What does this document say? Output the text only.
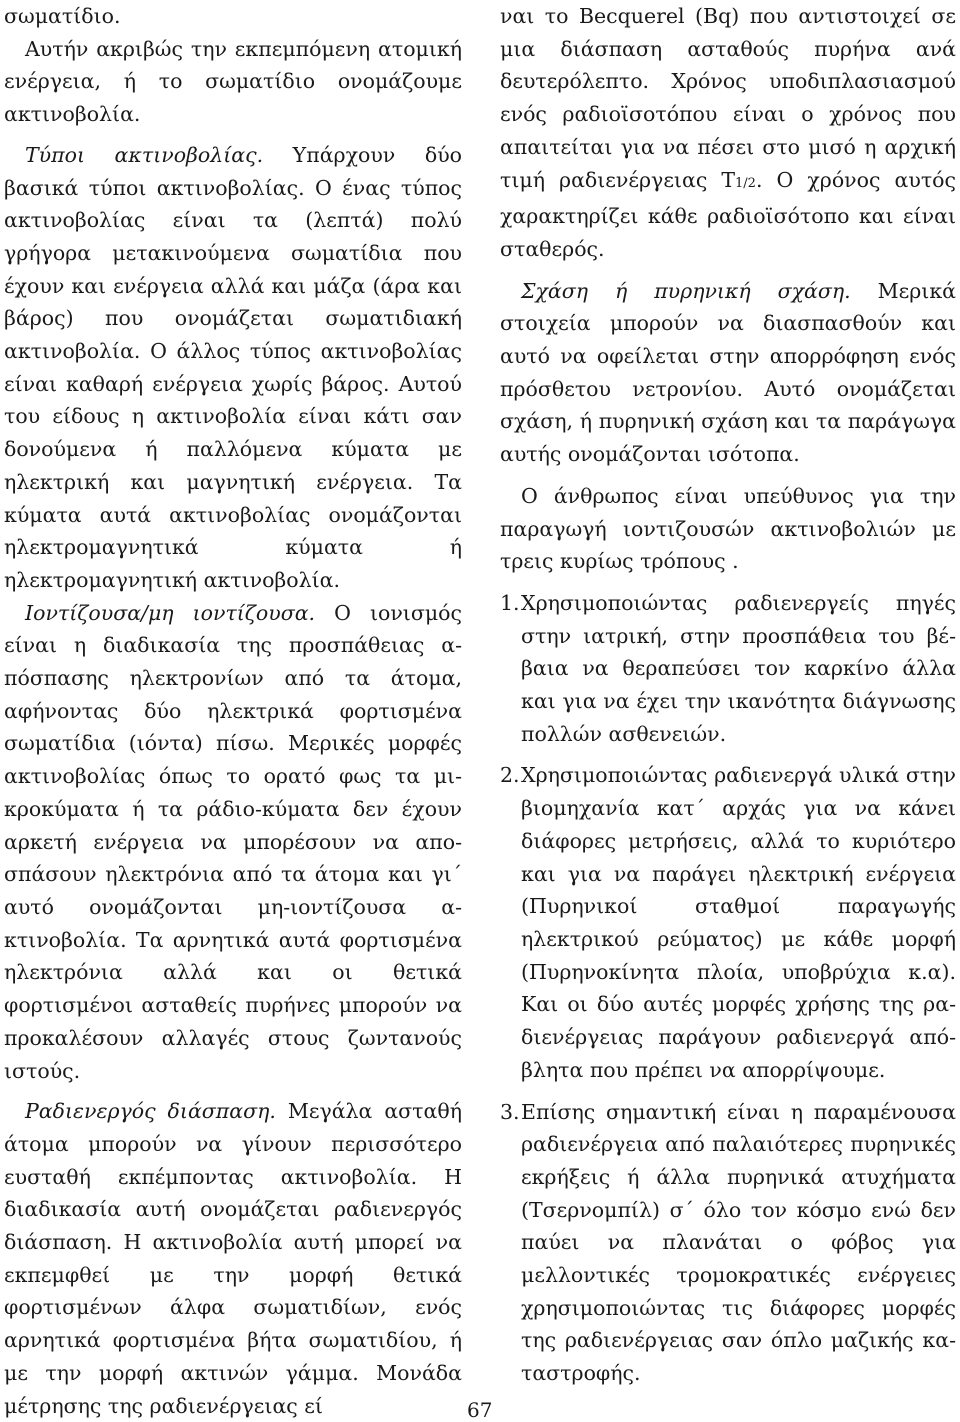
σωματίδιο.

Αυτήν ακριβώς την εκπεμπόμενη ατομική ενέργεια, ή το σωματίδιο ονομάζουμε ακτινοβολία.

Τύποι ακτινοβολίας. Υπάρχουν δύο βασικά τύποι ακτινοβολίας. Ο ένας τύπος ακτινοβολίας είναι τα (λεπτά) πολύ γρήγορα μετακινούμενα σωματίδια που έχουν και ενέργεια αλλά και μάζα (άρα και βάρος) που ονομάζεται σωματιδιακή ακτινοβολία. Ο άλλος τύπος ακτινοβολίας είναι καθαρή ενέργεια χωρίς βάρος. Αυτού του είδους η ακτινοβολία είναι κάτι σαν δονούμενα ή παλλόμενα κύματα με ηλεκτρική και μαγνητική ενέργεια. Τα κύματα αυτά ακτινοβολίας ονομάζονται ηλεκτρομαγνητικά κύματα ή ηλεκτρομαγνητική ακτινοβολία.

Ιοντίζουσα/μη ιοντίζουσα. Ο ιονισμός είναι η διαδικασία της προσπάθειας απόσπασης ηλεκτρονίων από τα άτομα, αφήνοντας δύο ηλεκτρικά φορτισμένα σωματίδια (ιόντα) πίσω. Μερικές μορφές ακτινοβολίας όπως το ορατό φως τα μικροκύματα ή τα ράδιο-κύματα δεν έχουν αρκετή ενέργεια να μπορέσουν να αποσπάσουν ηλεκτρόνια από τα άτομα και γι΄ αυτό ονομάζονται μη-ιοντίζουσα ακτινοβολία. Τα αρνητικά αυτά φορτισμένα ηλεκτρόνια αλλά και οι θετικά φορτισμένοι ασταθείς πυρήνες μπορούν να προκαλέσουν αλλαγές στους ζωντανούς ιστούς.

Ραδιενεργός διάσπαση. Μεγάλα ασταθή άτομα μπορούν να γίνουν περισσότερο ευσταθή εκπέμποντας ακτινοβολία. Η διαδικασία αυτή ονομάζεται ραδιενεργός διάσπαση. Η ακτινοβολία αυτή μπορεί να εκπεμφθεί με την μορφή θετικά φορτισμένων άλφα σωματιδίων, ενός αρνητικά φορτισμένα βήτα σωματιδίου, ή με την μορφή ακτινών γάμμα. Μονάδα μέτρησης της ραδιενέργειας εί

ναι το Becquerel (Bq) που αντιστοιχεί σε μια διάσπαση ασταθούς πυρήνα ανά δευτερόλεπτο. Χρόνος υποδιπλασιασμού ενός ραδιοϊσοτόπου είναι ο χρόνος που απαιτείται για να πέσει στο μισό η αρχική τιμή ραδιενέργειας Τ1/2. Ο χρόνος αυτός χαρακτηρίζει κάθε ραδιοϊσότοπο και είναι σταθερός.

Σχάση ή πυρηνική σχάση. Μερικά στοιχεία μπορούν να διασπασθούν και αυτό να οφείλεται στην απορρόφηση ενός πρόσθετου νετρονίου. Αυτό ονομάζεται σχάση, ή πυρηνική σχάση και τα παράγωγα αυτής ονομάζονται ισότοπα.

Ο άνθρωπος είναι υπεύθυνος για την παραγωγή ιοντιζουσών ακτινοβολιών με τρεις κυρίως τρόπους .

1. Χρησιμοποιώντας ραδιενεργείς πηγές στην ιατρική, στην προσπάθεια του βέβαια να θεραπεύσει τον καρκίνο άλλα και για να έχει την ικανότητα διάγνωσης πολλών ασθενειών.
2. Χρησιμοποιώντας ραδιενεργά υλικά στην βιομηχανία κατ΄ αρχάς για να κάνει διάφορες μετρήσεις, αλλά το κυριότερο και για να παράγει ηλεκτρική ενέργεια (Πυρηνικοί σταθμοί παραγωγής ηλεκτρικού ρεύματος) με κάθε μορφή (Πυρηνοκίνητα πλοία, υποβρύχια κ.α). Και οι δύο αυτές μορφές χρήσης της ραδιενέργειας παράγουν ραδιενεργά απόβλητα που πρέπει να απορρίψουμε.
3. Επίσης σημαντική είναι η παραμένουσα ραδιενέργεια από παλαιότερες πυρηνικές εκρήξεις ή άλλα πυρηνικά ατυχήματα (Τσερνομπίλ) σ΄ όλο τον κόσμο ενώ δεν παύει να πλανάται ο φόβος για μελλοντικές τρομοκρατικές ενέργειες χρησιμοποιώντας τις διάφορες μορφές της ραδιενέργειας σαν όπλο μαζικής καταστροφής.
67
